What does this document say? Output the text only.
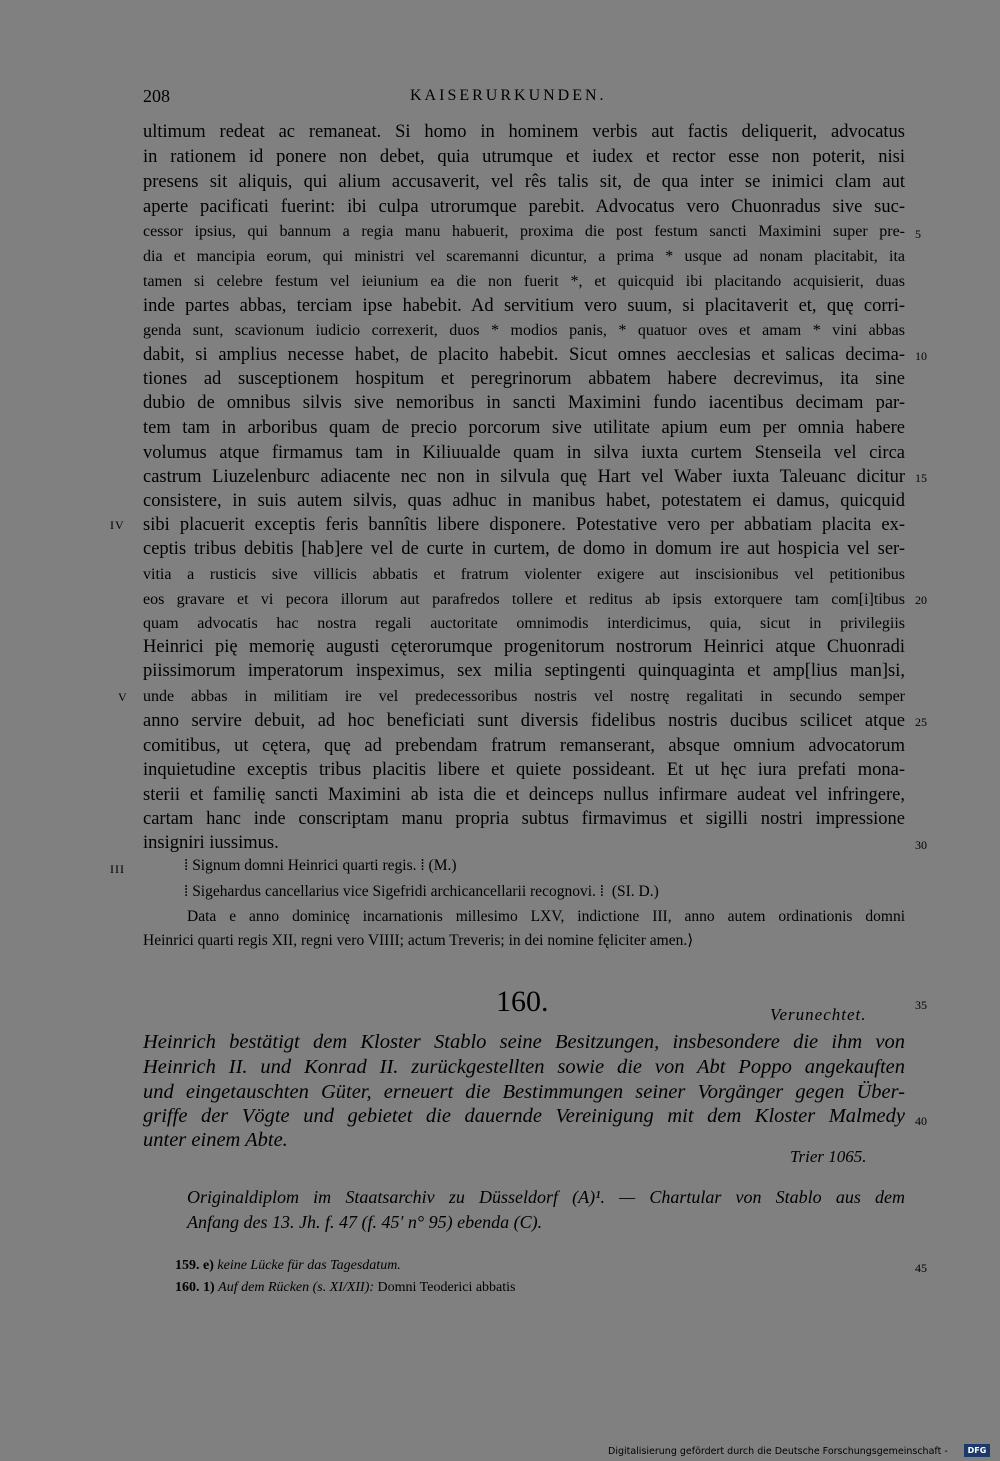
208	KAISERURKUNDEN.
ultimum redeat ac remaneat. Si homo in hominem verbis aut factis deliquerit, advocatus
in rationem id ponere non debet, quia utrumque et iudex et rector esse non poterit, nisi
presens sit aliquis, qui alium accusaverit, vel rês talis sit, de qua inter se inimici clam aut
aperte pacificati fuerint: ibi culpa utrorumque parebit. Advocatus vero Chuonradus sive suc-
cessor ipsius, qui bannum a regia manu habuerit, proxima die post festum sancti Maximini super pre-
dia et mancipia eorum, qui ministri vel scaremanni dicuntur, a prima * usque ad nonam placitabit, ita
tamen si celebre festum vel ieiunium ea die non fuerit *, et quicquid ibi placitando acquisierit, duas
inde partes abbas, terciam ipse habebit. Ad servitium vero suum, si placitaverit et, quę corri-
genda sunt, scavionum iudicio correxerit, duos * modios panis, * quatuor oves et amam * vini abbas
dabit, si amplius necesse habet, de placito habebit. Sicut omnes aecclesias et salicas decima-
tiones ad susceptionem hospitum et peregrinorum abbatem habere decrevimus, ita sine
dubio de omnibus silvis sive nemoribus in sancti Maximini fundo iacentibus decimam par-
tem tam in arboribus quam de precio porcorum sive utilitate apium eum per omnia habere
volumus atque firmamus tam in Kiliuualde quam in silva iuxta curtem Stenseila vel circa
castrum Liuzelenburc adiacente nec non in silvula quę Hart vel Waber iuxta Taleuanc dicitur
consistere, in suis autem silvis, quas adhuc in manibus habet, potestatem ei damus, quicquid
sibi placuerit exceptis feris bannîtis libere disponere. Potestative vero per abbatiam placita ex-
ceptis tribus debitis [hab]ere vel de curte in curtem, de domo in domum ire aut hospicia vel ser-
vitia a rusticis sive villicis abbatis et fratrum violenter exigere aut inscisionibus vel petitionibus
eos gravare et vi pecora illorum aut parafredos tollere et reditus ab ipsis extorquere tam com[i]tibus
quam advocatis hac nostra regali auctoritate omnimodis interdicimus, quia, sicut in privilegiis
Heinrici pię memorię augusti cęterorumque progenitorum nostrorum Heinrici atque Chuonradi
piissimorum imperatorum inspeximus, sex milia septingenti quinquaginta et amp[lius man]si,
unde abbas in militiam ire vel predecessoribus nostris vel nostrę regalitati in secundo semper
anno servire debuit, ad hoc beneficiati sunt diversis fidelibus nostris ducibus scilicet atque
comitibus, ut cętera, quę ad prebendam fratrum remanserant, absque omnium advocatorum
inquietudine exceptis tribus placitis libere et quiete possideant. Et ut hęc iura prefati mona-
sterii et familię sancti Maximini ab ista die et deinceps nullus infirmare audeat vel infringere,
cartam hanc inde conscriptam manu propria subtus firmavimus et sigilli nostri impressione
insigniri iussimus.
5
10
15
20
25
30
35
40
45
IV
V
III	⁞ Signum domni Heinrici quarti regis. ⁞ (M.)
⁞ Sigehardus cancellarius vice Sigefridi archicancellarii recognovi. ⁞  (SI. D.)
Data e anno dominicę incarnationis millesimo LXV, indictione III, anno autem ordinationis domni
Heinrici quarti regis XII, regni vero VIIII; actum Treveris; in dei nomine fęliciter amen.⟩
160.	Verunechtet.
Heinrich bestätigt dem Kloster Stablo seine Besitzungen, insbesondere die ihm von
Heinrich II. und Konrad II. zurückgestellten sowie die von Abt Poppo angekauften
und eingetauschten Güter, erneuert die Bestimmungen seiner Vorgänger gegen Über-
griffe der Vögte und gebietet die dauernde Vereinigung mit dem Kloster Malmedy
unter einem Abte.
Trier 1065.
Originaldiplom im Staatsarchiv zu Düsseldorf (A)¹. — Chartular von Stablo aus dem
Anfang des 13. Jh. f. 47 (f. 45′ n° 95) ebenda (C).
159. e) keine Lücke für das Tagesdatum.
160. 1) Auf dem Rücken (s. XI/XII): Domni Teoderici abbatis
Digitalisierung gefördert durch die Deutsche Forschungsgemeinschaft -	DFG
